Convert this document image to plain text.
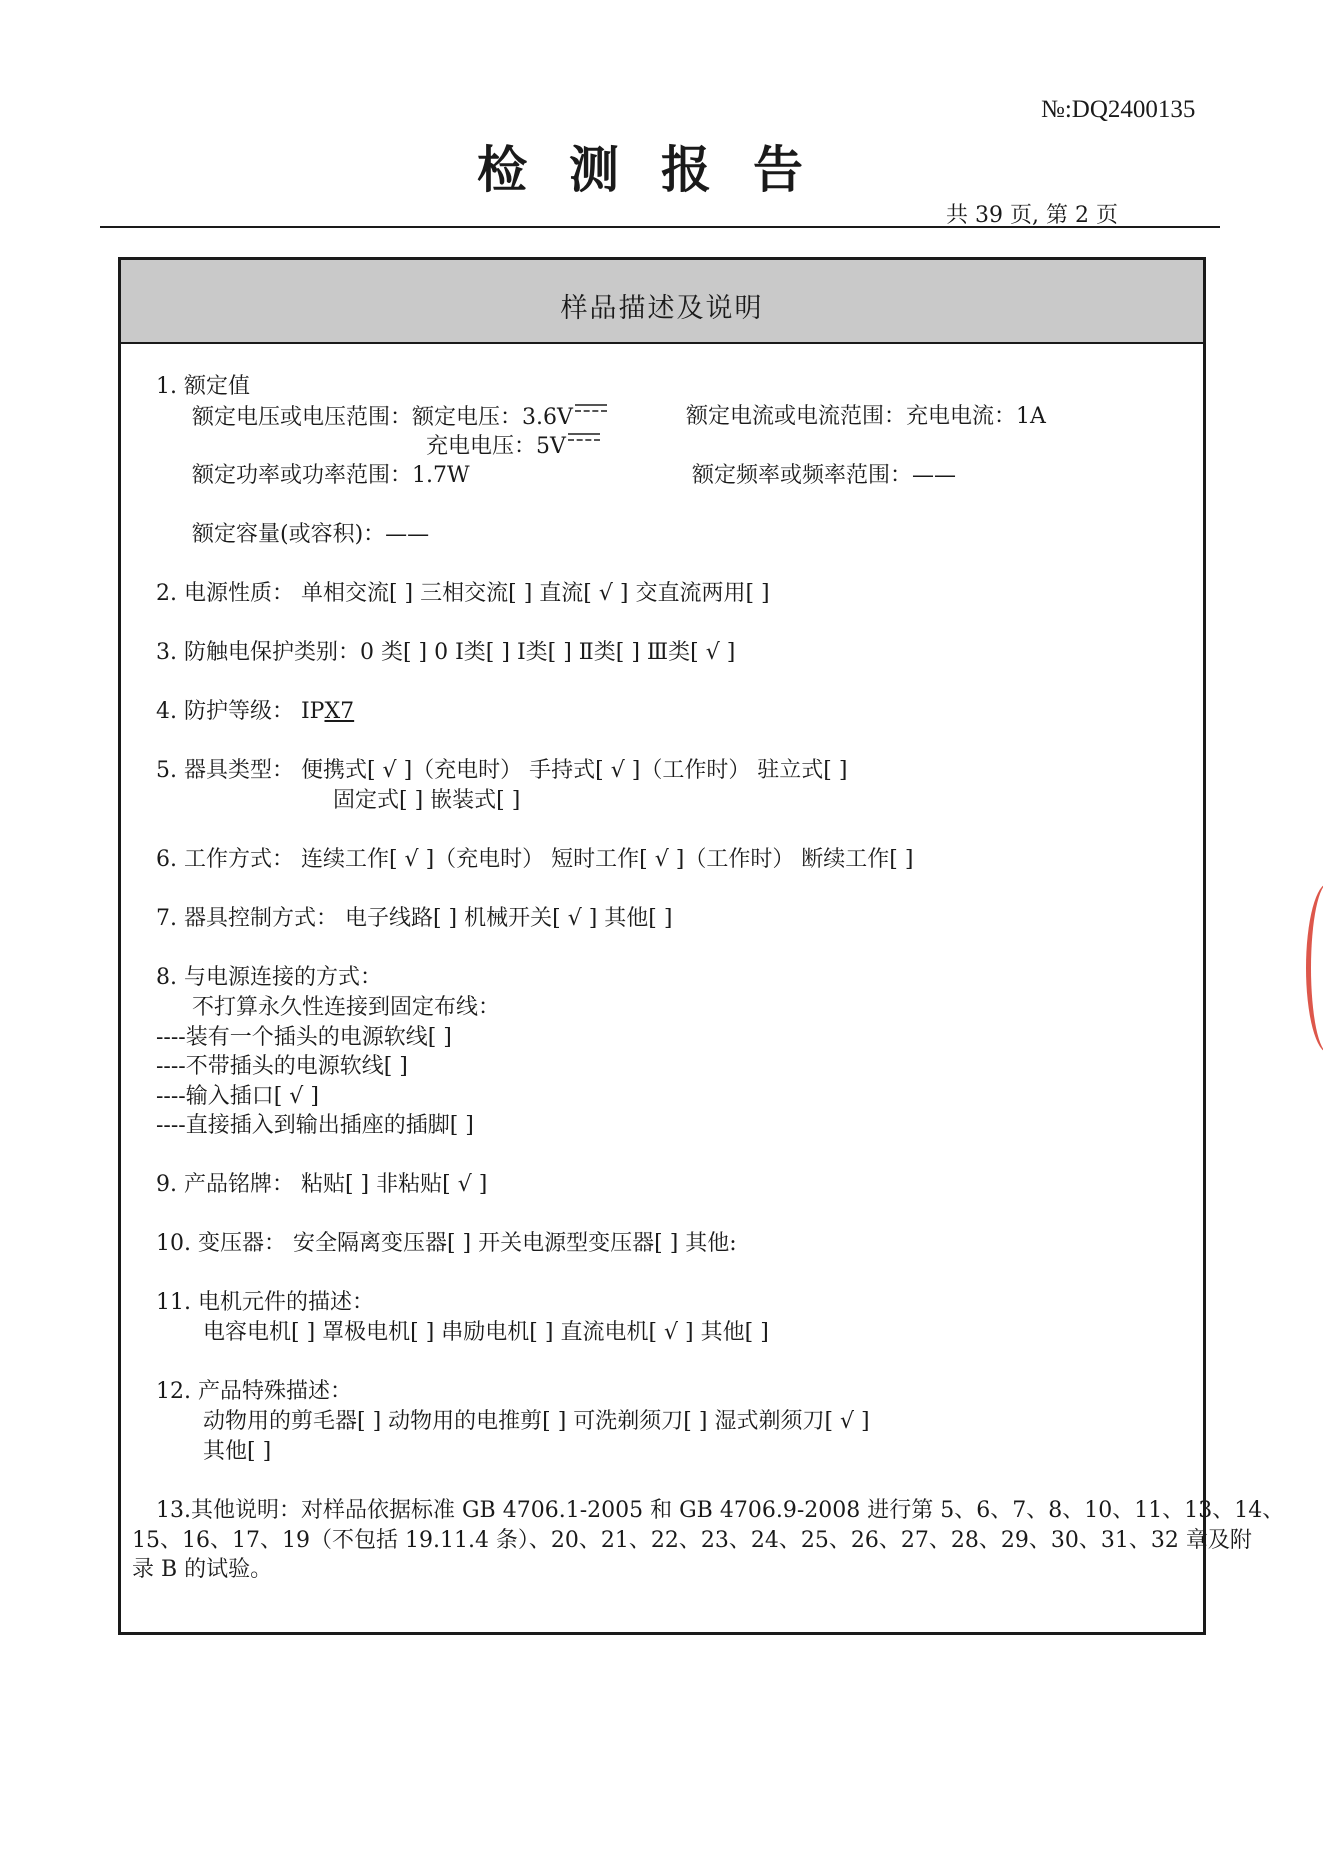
№:DQ2400135
检测报告
共 39 页, 第 2 页
样品描述及说明
1. 额定值
额定电压或电压范围：额定电压：3.6V	额定电流或电流范围：充电电流：1A
充电电压：5V
额定功率或功率范围：1.7W	额定频率或频率范围：——
额定容量(或容积)：——
2. 电源性质： 单相交流[ ] 三相交流[ ] 直流[ √ ] 交直流两用[ ]
3. 防触电保护类别：0 类[ ] 0 Ⅰ类[ ] Ⅰ类[ ] Ⅱ类[ ] Ⅲ类[ √ ]
4. 防护等级： IPX7
5. 器具类型： 便携式[ √ ]（充电时） 手持式[ √ ]（工作时） 驻立式[ ]
固定式[ ] 嵌装式[ ]
6. 工作方式： 连续工作[ √ ]（充电时） 短时工作[ √ ]（工作时） 断续工作[ ]
7. 器具控制方式： 电子线路[ ] 机械开关[ √ ] 其他[ ]
8. 与电源连接的方式：
不打算永久性连接到固定布线：
----装有一个插头的电源软线[ ]
----不带插头的电源软线[ ]
----输入插口[ √ ]
----直接插入到输出插座的插脚[ ]
9. 产品铭牌： 粘贴[ ] 非粘贴[ √ ]
10. 变压器： 安全隔离变压器[ ] 开关电源型变压器[ ] 其他:
11. 电机元件的描述：
电容电机[ ] 罩极电机[ ] 串励电机[ ] 直流电机[ √ ] 其他[ ]
12. 产品特殊描述：
动物用的剪毛器[ ] 动物用的电推剪[ ] 可洗剃须刀[ ] 湿式剃须刀[ √ ]
其他[ ]
13.其他说明：对样品依据标准 GB 4706.1-2005 和 GB 4706.9-2008 进行第 5、6、7、8、10、11、13、14、
15、16、17、19（不包括 19.11.4 条）、20、21、22、23、24、25、26、27、28、29、30、31、32 章及附
录 B 的试验。
